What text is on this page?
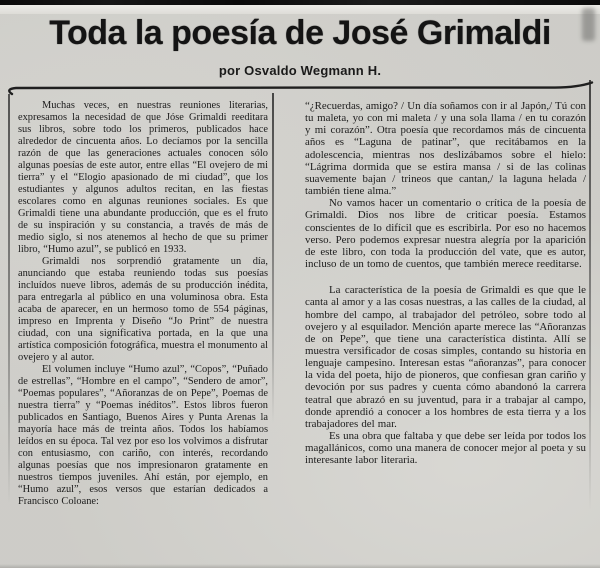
Toda la poesía de José Grimaldi

por Osvaldo Wegmann H.

Muchas veces, en nuestras reuniones literarias, expresamos la necesidad de que Jóse Grimaldi reeditara sus libros, sobre todo los primeros, publicados hace alrededor de cincuenta años. Lo decíamos por la sencilla razón de que las generaciones actuales conocen sólo algunas poesías de este autor, entre ellas “El ovejero de mi tierra” y el “Elogio apasionado de mi ciudad”, que los estudiantes y algunos adultos recitan, en las fiestas escolares como en algunas reuniones sociales. Es que Grimaldi tiene una abundante producción, que es el fruto de su inspiración y su constancia, a través de más de medio siglo, si nos atenemos al hecho de que su primer libro, “Humo azul”, se publicó en 1933.

Grimaldi nos sorprendió gratamente un día, anunciando que estaba reuniendo todas sus poesías incluídos nueve libros, además de su producción inédita, para entregarla al público en una voluminosa obra. Esta acaba de aparecer, en un hermoso tomo de 554 páginas, impreso en Imprenta y Diseño “Jo Print” de nuestra ciudad, con una significativa portada, en la que una artística composición fotográfica, muestra el monumento al ovejero y al autor.

El volumen incluye “Humo azul”, “Copos”, “Puñado de estrellas”, “Hombre en el campo”, “Sendero de amor”, “Poemas populares”, “Añoranzas de on Pepe”, Poemas de nuestra tierra” y “Poemas inéditos”. Estos libros fueron publicados en Santiago, Buenos Aires y Punta Arenas la mayoría hace más de treinta años. Todos los habíamos leídos en su época. Tal vez por eso los volvimos a disfrutar con entusiasmo, con cariño, con interés, recordando algunas poesías que nos impresionaron gratamente en nuestros tiempos juveniles. Ahí están, por ejemplo, en “Humo azul”, esos versos que estarían dedicados a Francisco Coloane:

“¿Recuerdas, amigo? / Un día soñamos con ir al Japón,/ Tú con tu maleta, yo con mi maleta / y una sola llama / en tu corazón y mi corazón”. Otra poesía que recordamos más de cincuenta años es “Laguna de patinar”, que recitábamos en la adolescencia, mientras nos deslizábamos sobre el hielo: “Lágrima dormida que se estira mansa / si de las colinas suavemente bajan / trineos que cantan,/ la laguna helada / también tiene alma.”

No vamos hacer un comentario o crítica de la poesía de Grimaldi. Dios nos libre de criticar poesía. Estamos conscientes de lo difícil que es escribirla. Por eso no hacemos verso. Pero podemos expresar nuestra alegría por la aparición de este libro, con toda la producción del vate, que es autor, incluso de un tomo de cuentos, que también merece reeditarse.

La característica de la poesía de Grimaldi es que que le canta al amor y a las cosas nuestras, a las calles de la ciudad, al hombre del campo, al trabajador del petróleo, sobre todo al ovejero y al esquilador. Mención aparte merece las “Añoranzas de on Pepe”, que tiene una característica distinta. Allí se muestra versificador de cosas simples, contando su historia en lenguaje campesino. Interesan estas “añoranzas”, para conocer la vida del poeta, hijo de pioneros, que confiesan gran cariño y devoción por sus padres y cuenta cómo abandonó la carrera teatral que abrazó en su juventud, para ir a trabajar al campo, donde aprendió a conocer a los hombres de esta tierra y a los trabajadores del mar.

Es una obra que faltaba y que debe ser leída por todos los magallánicos, como una manera de conocer mejor al poeta y su interesante labor literaria.
